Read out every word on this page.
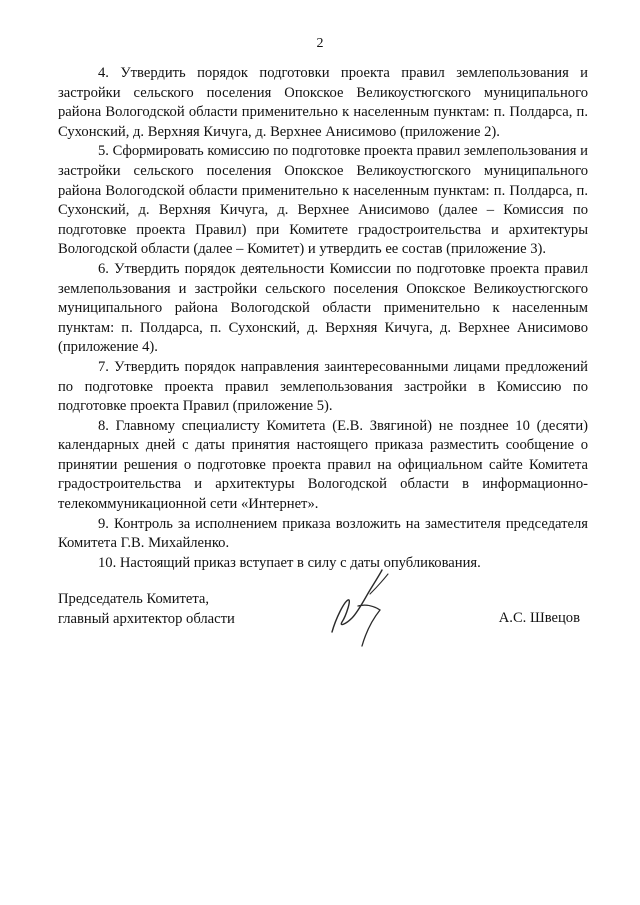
2

4. Утвердить порядок подготовки проекта правил землепользования и застройки сельского поселения Опокское Великоустюгского муниципального района Вологодской области применительно к населенным пунктам: п. Полдарса, п. Сухонский, д. Верхняя Кичуга, д. Верхнее Анисимово (приложение 2).

5. Сформировать комиссию по подготовке проекта правил землепользования и застройки сельского поселения Опокское Великоустюгского муниципального района Вологодской области применительно к населенным пунктам: п. Полдарса, п. Сухонский, д. Верхняя Кичуга, д. Верхнее Анисимово (далее – Комиссия по подготовке проекта Правил) при Комитете градостроительства и архитектуры Вологодской области (далее – Комитет) и утвердить ее состав (приложение 3).

6. Утвердить порядок деятельности Комиссии по подготовке проекта правил землепользования и застройки сельского поселения Опокское Великоустюгского муниципального района Вологодской области применительно к населенным пунктам: п. Полдарса, п. Сухонский, д. Верхняя Кичуга, д. Верхнее Анисимово (приложение 4).

7. Утвердить порядок направления заинтересованными лицами предложений по подготовке проекта правил землепользования застройки в Комиссию по подготовке проекта Правил (приложение 5).

8. Главному специалисту Комитета (Е.В. Звягиной) не позднее 10 (десяти) календарных дней с даты принятия настоящего приказа разместить сообщение о принятии решения о подготовке проекта правил на официальном сайте Комитета градостроительства и архитектуры Вологодской области в информационно-телекоммуникационной сети «Интернет».

9. Контроль за исполнением приказа возложить на заместителя председателя Комитета Г.В. Михайленко.

10. Настоящий приказ вступает в силу с даты опубликования.

Председатель Комитета,
главный архитектор области	А.С. Швецов
